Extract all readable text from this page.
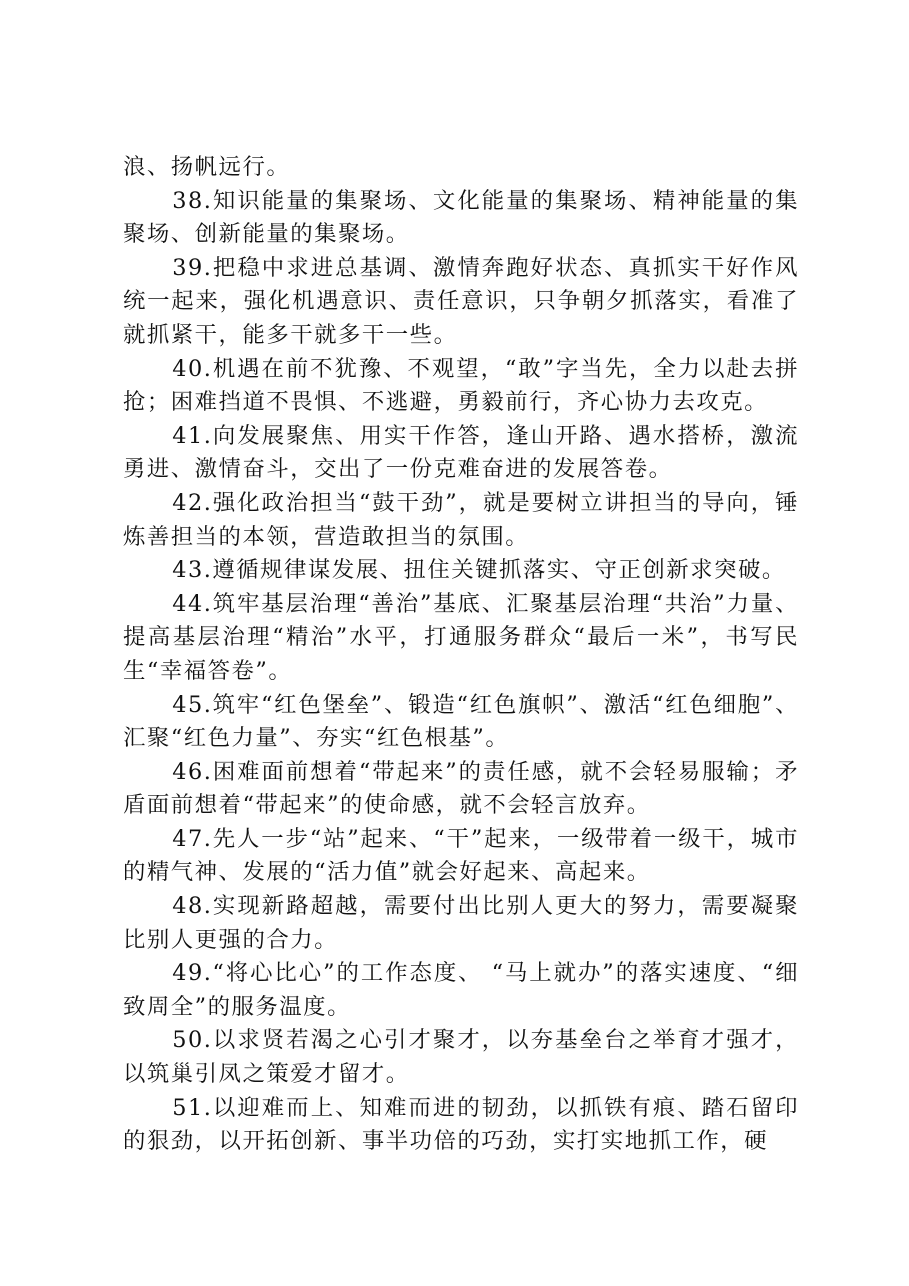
浪、扬帆远行。

38.知识能量的集聚场、文化能量的集聚场、精神能量的集聚场、创新能量的集聚场。

39.把稳中求进总基调、激情奔跑好状态、真抓实干好作风统一起来，强化机遇意识、责任意识，只争朝夕抓落实，看准了就抓紧干，能多干就多干一些。

40.机遇在前不犹豫、不观望，“敢”字当先，全力以赴去拼抢；困难挡道不畏惧、不逃避，勇毅前行，齐心协力去攻克。

41.向发展聚焦、用实干作答，逢山开路、遇水搭桥，激流勇进、激情奋斗，交出了一份克难奋进的发展答卷。

42.强化政治担当“鼓干劲”，就是要树立讲担当的导向，锤炼善担当的本领，营造敢担当的氛围。

43.遵循规律谋发展、扭住关键抓落实、守正创新求突破。

44.筑牢基层治理“善治”基底、汇聚基层治理“共治”力量、提高基层治理“精治”水平，打通服务群众“最后一米”，书写民生“幸福答卷”。

45.筑牢“红色堡垒”、锻造“红色旗帜”、激活“红色细胞”、汇聚“红色力量”、夯实“红色根基”。

46.困难面前想着“带起来”的责任感，就不会轻易服输；矛盾面前想着“带起来”的使命感，就不会轻言放弃。

47.先人一步“站”起来、“干”起来，一级带着一级干，城市的精气神、发展的“活力值”就会好起来、高起来。

48.实现新路超越，需要付出比别人更大的努力，需要凝聚比别人更强的合力。

49.“将心比心”的工作态度、 “马上就办”的落实速度、“细致周全”的服务温度。

50.以求贤若渴之心引才聚才，以夯基垒台之举育才强才，以筑巢引凤之策爱才留才。

51.以迎难而上、知难而进的韧劲，以抓铁有痕、踏石留印的狠劲，以开拓创新、事半功倍的巧劲，实打实地抓工作，硬
